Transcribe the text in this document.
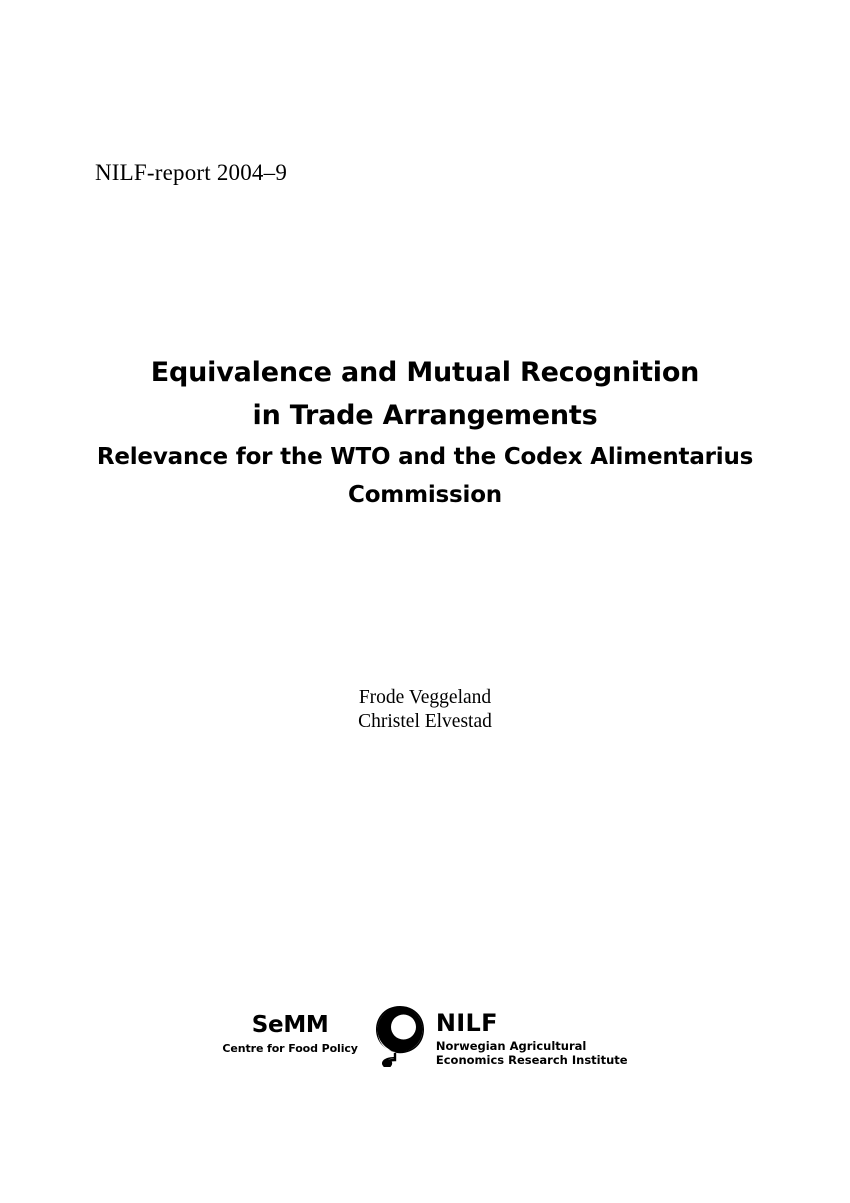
NILF-report 2004–9
Equivalence and Mutual Recognition
in Trade Arrangements
Relevance for the WTO and the Codex Alimentarius
Commission
Frode Veggeland
Christel Elvestad
SeMM
Centre for Food Policy
NILF
Norwegian Agricultural
Economics Research Institute
